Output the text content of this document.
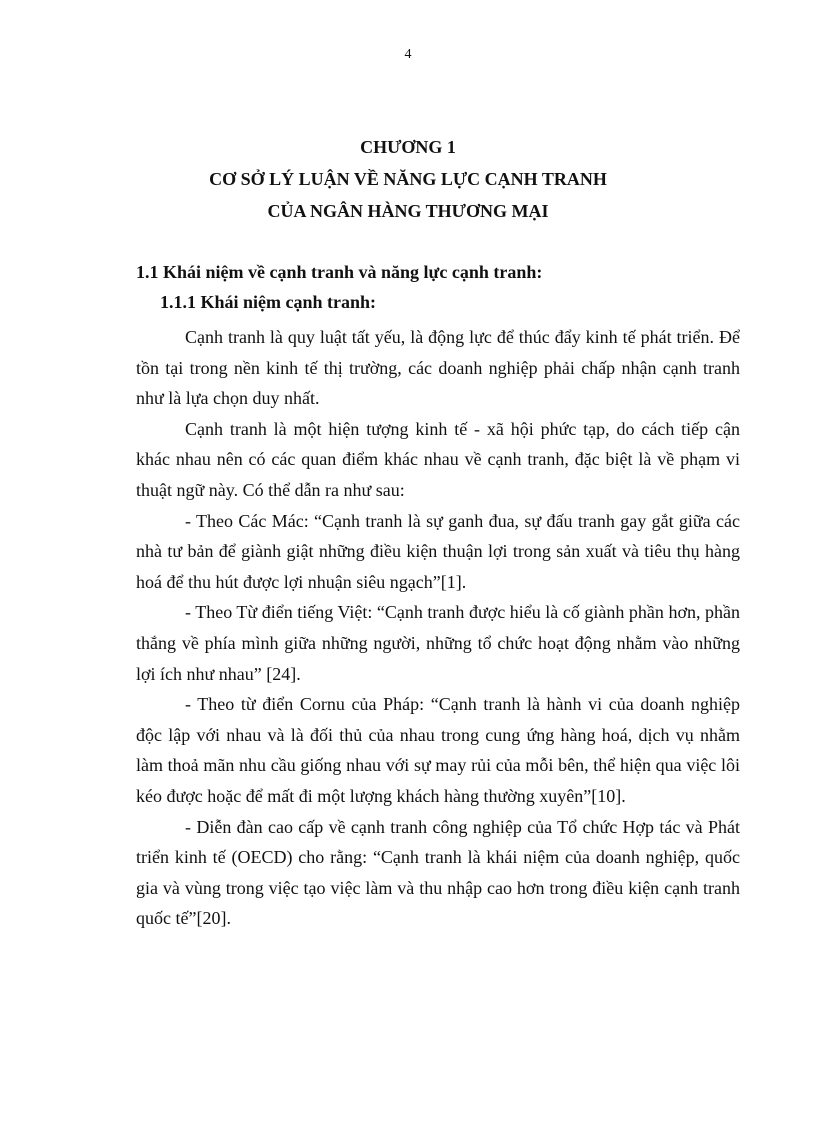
4
CHƯƠNG 1
CƠ SỞ LÝ LUẬN VỀ NĂNG LỰC CẠNH TRANH
CỦA NGÂN HÀNG THƯƠNG MẠI
1.1 Khái niệm về cạnh tranh và năng lực cạnh tranh:
1.1.1 Khái niệm cạnh tranh:

Cạnh tranh là quy luật tất yếu, là động lực để thúc đẩy kinh tế phát triển. Để tồn tại trong nền kinh tế thị trường, các doanh nghiệp phải chấp nhận cạnh tranh như là lựa chọn duy nhất.

Cạnh tranh là một hiện tượng kinh tế - xã hội phức tạp, do cách tiếp cận khác nhau nên có các quan điểm khác nhau về cạnh tranh, đặc biệt là về phạm vi thuật ngữ này. Có thể dẫn ra như sau:

- Theo Các Mác: “Cạnh tranh là sự ganh đua, sự đấu tranh gay gắt giữa các nhà tư bản để giành giật những điều kiện thuận lợi trong sản xuất và tiêu thụ hàng hoá để thu hút được lợi nhuận siêu ngạch”[1].

- Theo Từ điển tiếng Việt: “Cạnh tranh được hiểu là cố giành phần hơn, phần thắng về phía mình giữa những người, những tổ chức hoạt động nhằm vào những lợi ích như nhau” [24].

- Theo từ điển Cornu của Pháp: “Cạnh tranh là hành vi của doanh nghiệp độc lập với nhau và là đối thủ của nhau trong cung ứng hàng hoá, dịch vụ nhằm làm thoả mãn nhu cầu giống nhau với sự may rủi của mỗi bên, thể hiện qua việc lôi kéo được hoặc để mất đi một lượng khách hàng thường xuyên”[10].

- Diễn đàn cao cấp về cạnh tranh công nghiệp của Tổ chức Hợp tác và Phát triển kinh tế (OECD) cho rằng: “Cạnh tranh là khái niệm của doanh nghiệp, quốc gia và vùng trong việc tạo việc làm và thu nhập cao hơn trong điều kiện cạnh tranh quốc tế”[20].
